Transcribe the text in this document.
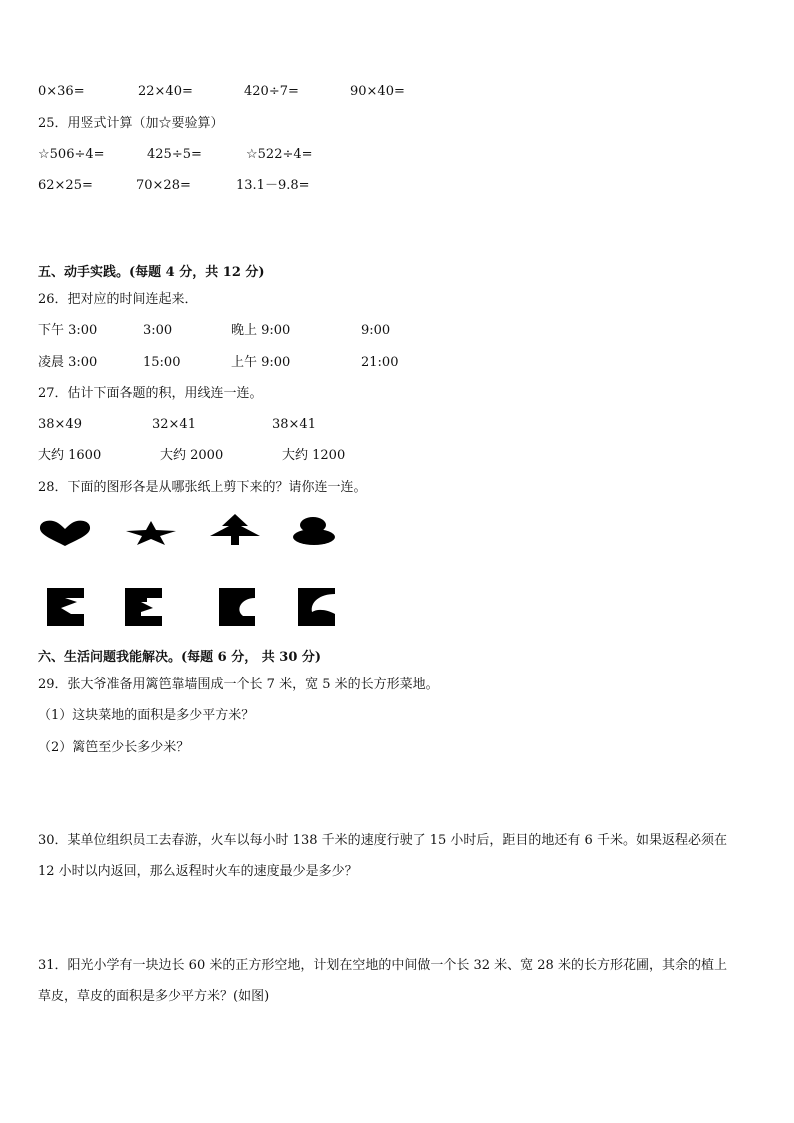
0×36=	22×40=	420÷7=	90×40=
25．用竖式计算（加☆要验算）
☆506÷4=	425÷5=	☆522÷4=
62×25=	70×28=	13.1－9.8=
五、动手实践。(每题 4 分，共 12 分)
26．把对应的时间连起来．
下午 3:00	3:00	晚上 9:00	9:00
凌晨 3:00	15:00	上午 9:00	21:00
27．估计下面各题的积，用线连一连。
38×49	32×41	38×41
大约 1600	大约 2000	大约 1200
28．下面的图形各是从哪张纸上剪下来的？请你连一连。
六、生活问题我能解决。(每题 6 分， 共 30 分)
29．张大爷准备用篱笆靠墙围成一个长 7 米，宽 5 米的长方形菜地。
（1）这块菜地的面积是多少平方米？
（2）篱笆至少长多少米？
30．某单位组织员工去春游，火车以每小时 138 千米的速度行驶了 15 小时后，距目的地还有 6 千米。如果返程必须在
12 小时以内返回，那么返程时火车的速度最少是多少？
31．阳光小学有一块边长 60 米的正方形空地，计划在空地的中间做一个长 32 米、宽 28 米的长方形花圃，其余的植上
草皮，草皮的面积是多少平方米？(如图)
